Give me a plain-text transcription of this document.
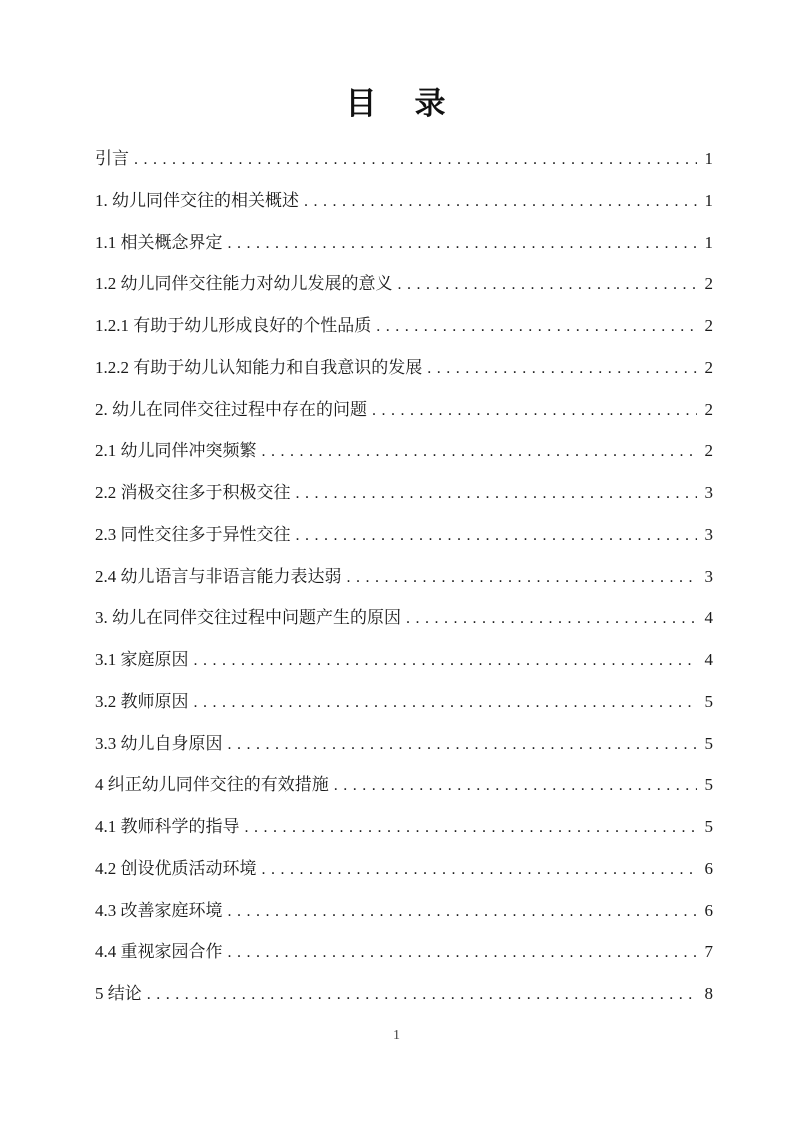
目 录
引言 .....	1
1. 幼儿同伴交往的相关概述 .....	1
1.1 相关概念界定 .....	1
1.2 幼儿同伴交往能力对幼儿发展的意义 .....	2
1.2.1 有助于幼儿形成良好的个性品质 .....	2
1.2.2 有助于幼儿认知能力和自我意识的发展 .....	2
2. 幼儿在同伴交往过程中存在的问题 .....	2
2.1 幼儿同伴冲突频繁 .....	2
2.2 消极交往多于积极交往 .....	3
2.3 同性交往多于异性交往 .....	3
2.4 幼儿语言与非语言能力表达弱 .....	3
3. 幼儿在同伴交往过程中问题产生的原因 .....	4
3.1 家庭原因 .....	4
3.2 教师原因 .....	5
3.3 幼儿自身原因 .....	5
4 纠正幼儿同伴交往的有效措施 .....	5
4.1 教师科学的指导 .....	5
4.2 创设优质活动环境 .....	6
4.3 改善家庭环境 .....	6
4.4 重视家园合作 .....	7
5 结论 .....	8
1
